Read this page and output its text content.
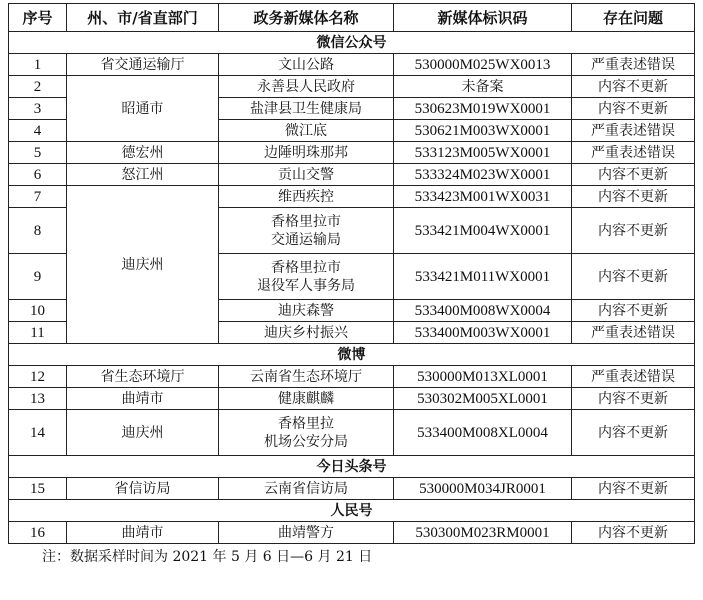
序号	州、市/省直部门	政务新媒体名称	新媒体标识码	存在问题
微信公众号				
1	省交通运输厅	文山公路	530000M025WX0013	严重表述错误
2	昭通市	永善县人民政府	未备案	内容不更新
3		盐津县卫生健康局	530623M019WX0001	内容不更新
4		微江底	530621M003WX0001	严重表述错误
5	德宏州	边陲明珠那邦	533123M005WX0001	严重表述错误
6	怒江州	贡山交警	533324M023WX0001	内容不更新
7	迪庆州	维西疾控	533423M001WX0031	内容不更新
8		香格里拉市
交通运输局	533421M004WX0001	内容不更新
9		香格里拉市
退役军人事务局	533421M011WX0001	内容不更新
10		迪庆森警	533400M008WX0004	内容不更新
11		迪庆乡村振兴	533400M003WX0001	严重表述错误
微博				
12	省生态环境厅	云南省生态环境厅	530000M013XL0001	严重表述错误
13	曲靖市	健康麒麟	530302M005XL0001	内容不更新
14	迪庆州	香格里拉
机场公安分局	533400M008XL0004	内容不更新
今日头条号				
15	省信访局	云南省信访局	530000M034JR0001	内容不更新
人民号				
16	曲靖市	曲靖警方	530300M023RM0001	内容不更新
注：数据采样时间为 2021 年 5 月 6 日—6 月 21 日
